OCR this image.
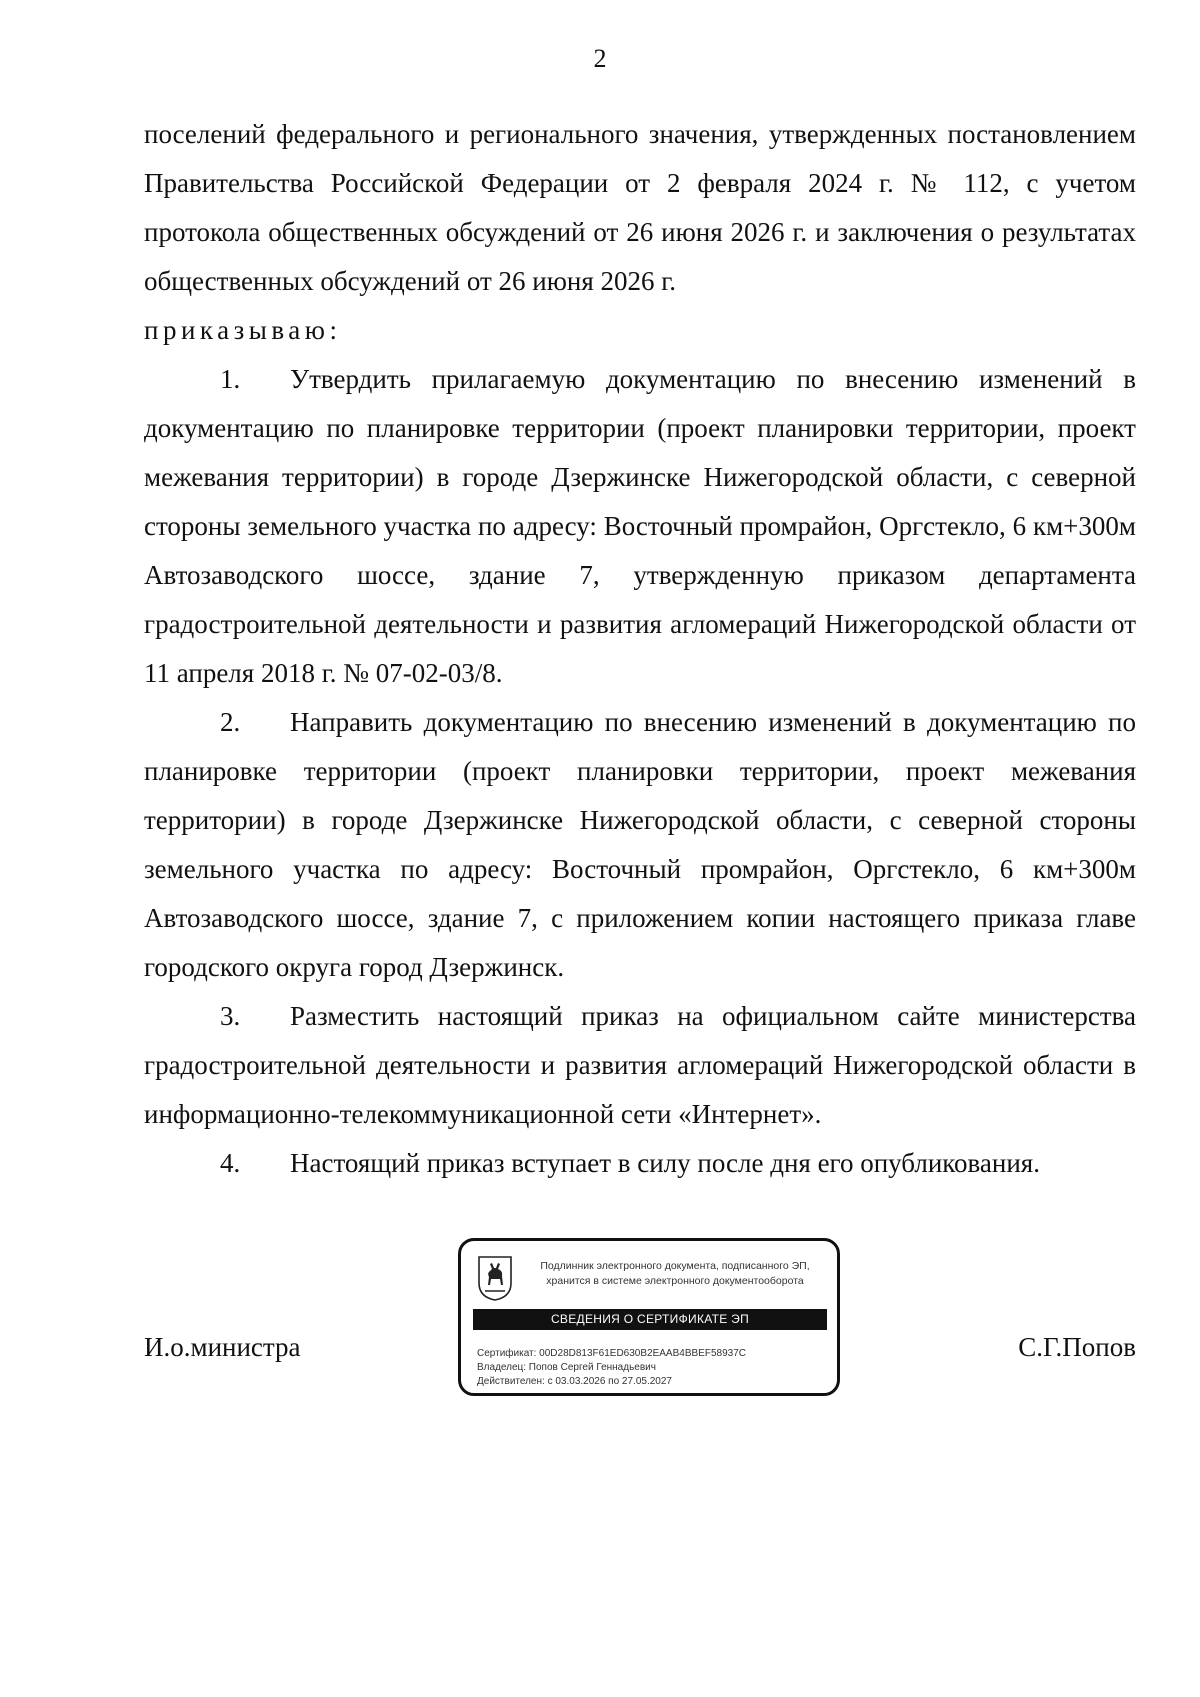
2

поселений федерального и регионального значения, утвержденных постановлением Правительства Российской Федерации от 2 февраля 2024 г. № 112, с учетом протокола общественных обсуждений от 26 июня 2026 г. и заключения о результатах общественных обсуждений от 26 июня 2026 г.

приказываю:

1. Утвердить прилагаемую документацию по внесению изменений в документацию по планировке территории (проект планировки территории, проект межевания территории) в городе Дзержинске Нижегородской области, с северной стороны земельного участка по адресу: Восточный промрайон, Оргстекло, 6 км+300м Автозаводского шоссе, здание 7, утвержденную приказом департамента градостроительной деятельности и развития агломераций Нижегородской области от 11 апреля 2018 г. № 07-02-03/8.

2. Направить документацию по внесению изменений в документацию по планировке территории (проект планировки территории, проект межевания территории) в городе Дзержинске Нижегородской области, с северной стороны земельного участка по адресу: Восточный промрайон, Оргстекло, 6 км+300м Автозаводского шоссе, здание 7, с приложением копии настоящего приказа главе городского округа город Дзержинск.

3. Разместить настоящий приказ на официальном сайте министерства градостроительной деятельности и развития агломераций Нижегородской области в информационно-телекоммуникационной сети «Интернет».

4. Настоящий приказ вступает в силу после дня его опубликования.

И.о.министра	С.Г.Попов
Подлинник электронного документа, подписанного ЭП,
хранится в системе электронного документооборота
СВЕДЕНИЯ О СЕРТИФИКАТЕ ЭП
Сертификат: 00D28D813F61ED630B2EAAB4BBEF58937C
Владелец: Попов Сергей Геннадьевич
Действителен: с 03.03.2026 по 27.05.2027
